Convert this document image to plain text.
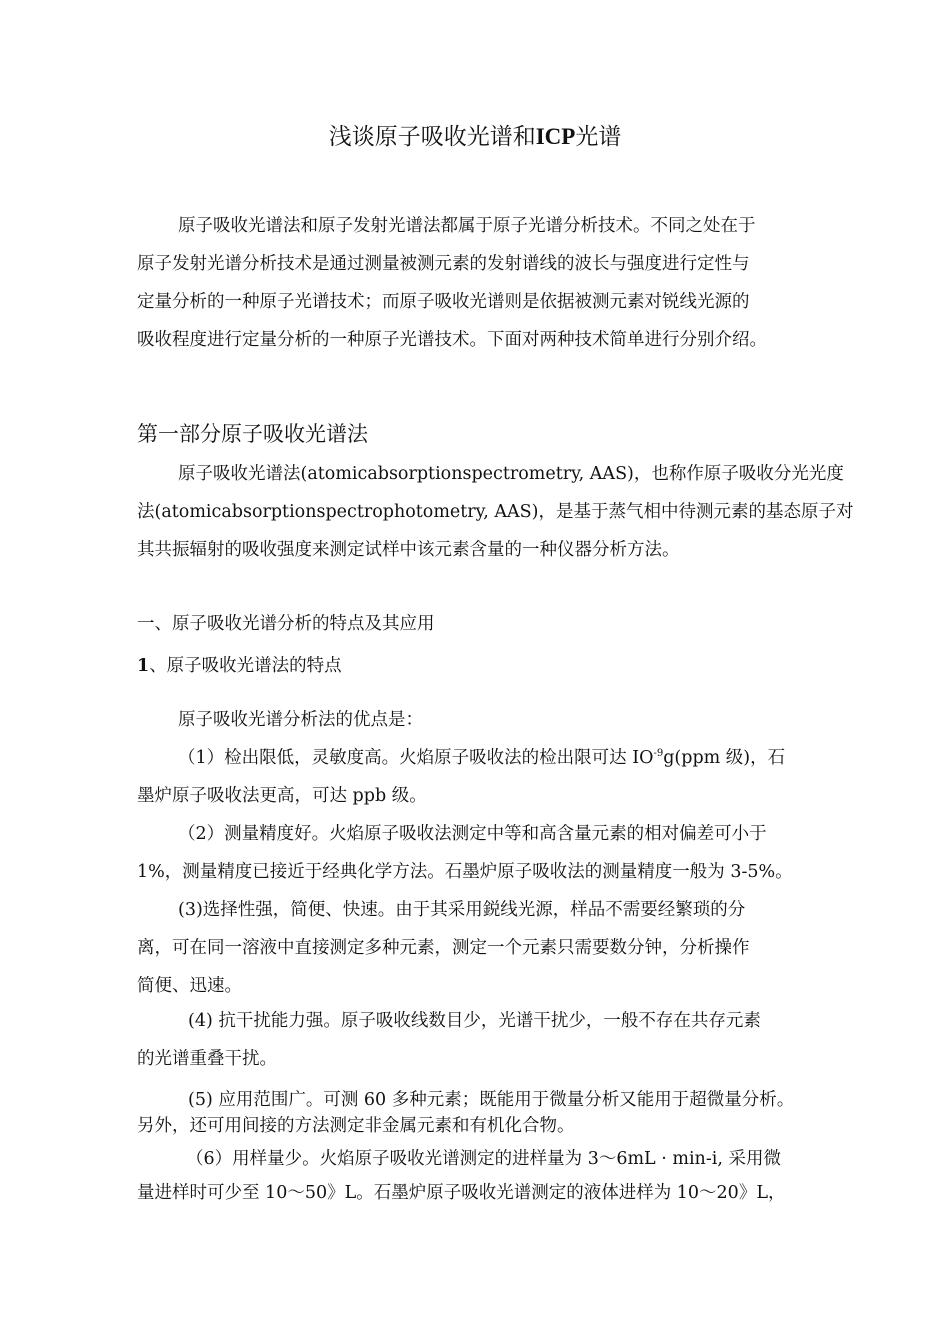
浅谈原子吸收光谱和ICP光谱
原子吸收光谱法和原子发射光谱法都属于原子光谱分析技术。不同之处在于
原子发射光谱分析技术是通过测量被测元素的发射谱线的波长与强度进行定性与
定量分析的一种原子光谱技术；而原子吸收光谱则是依据被测元素对锐线光源的
吸收程度进行定量分析的一种原子光谱技术。下面对两种技术简单进行分别介绍。
第一部分原子吸收光谱法
原子吸收光谱法(atomicabsorptionspectrometry, AAS)，也称作原子吸收分光光度
法(atomicabsorptionspectrophotometry, AAS)，是基于蒸气相中待测元素的基态原子对
其共振辐射的吸收强度来测定试样中该元素含量的一种仪器分析方法。
一、原子吸收光谱分析的特点及其应用
1、原子吸收光谱法的特点
原子吸收光谱分析法的优点是：
（1）检出限低，灵敏度高。火焰原子吸收法的检出限可达 $IO^{-9}g(ppm$ 级)，石
墨炉原子吸收法更高，可达 ppb 级。
（2）测量精度好。火焰原子吸收法测定中等和高含量元素的相对偏差可小于
1%，测量精度已接近于经典化学方法。石墨炉原子吸收法的测量精度一般为 3-5%。
(3)选择性强，简便、快速。由于其采用鋭线光源，样品不需要经繁琐的分
离，可在同一溶液中直接测定多种元素，测定一个元素只需要数分钟，分析操作
简便、迅速。
(4) 抗干扰能力强。原子吸收线数目少，光谱干扰少，一般不存在共存元素
的光谱重叠干扰。
(5) 应用范围广。可测 60 多种元素；既能用于微量分析又能用于超微量分析。
另外，还可用间接的方法测定非金属元素和有机化合物。
（6）用样量少。火焰原子吸收光谱测定的进样量为 3〜6mL · min-i, 采用微
量进样时可少至 10〜50》L。石墨炉原子吸收光谱测定的液体进样为 10〜20》L，
